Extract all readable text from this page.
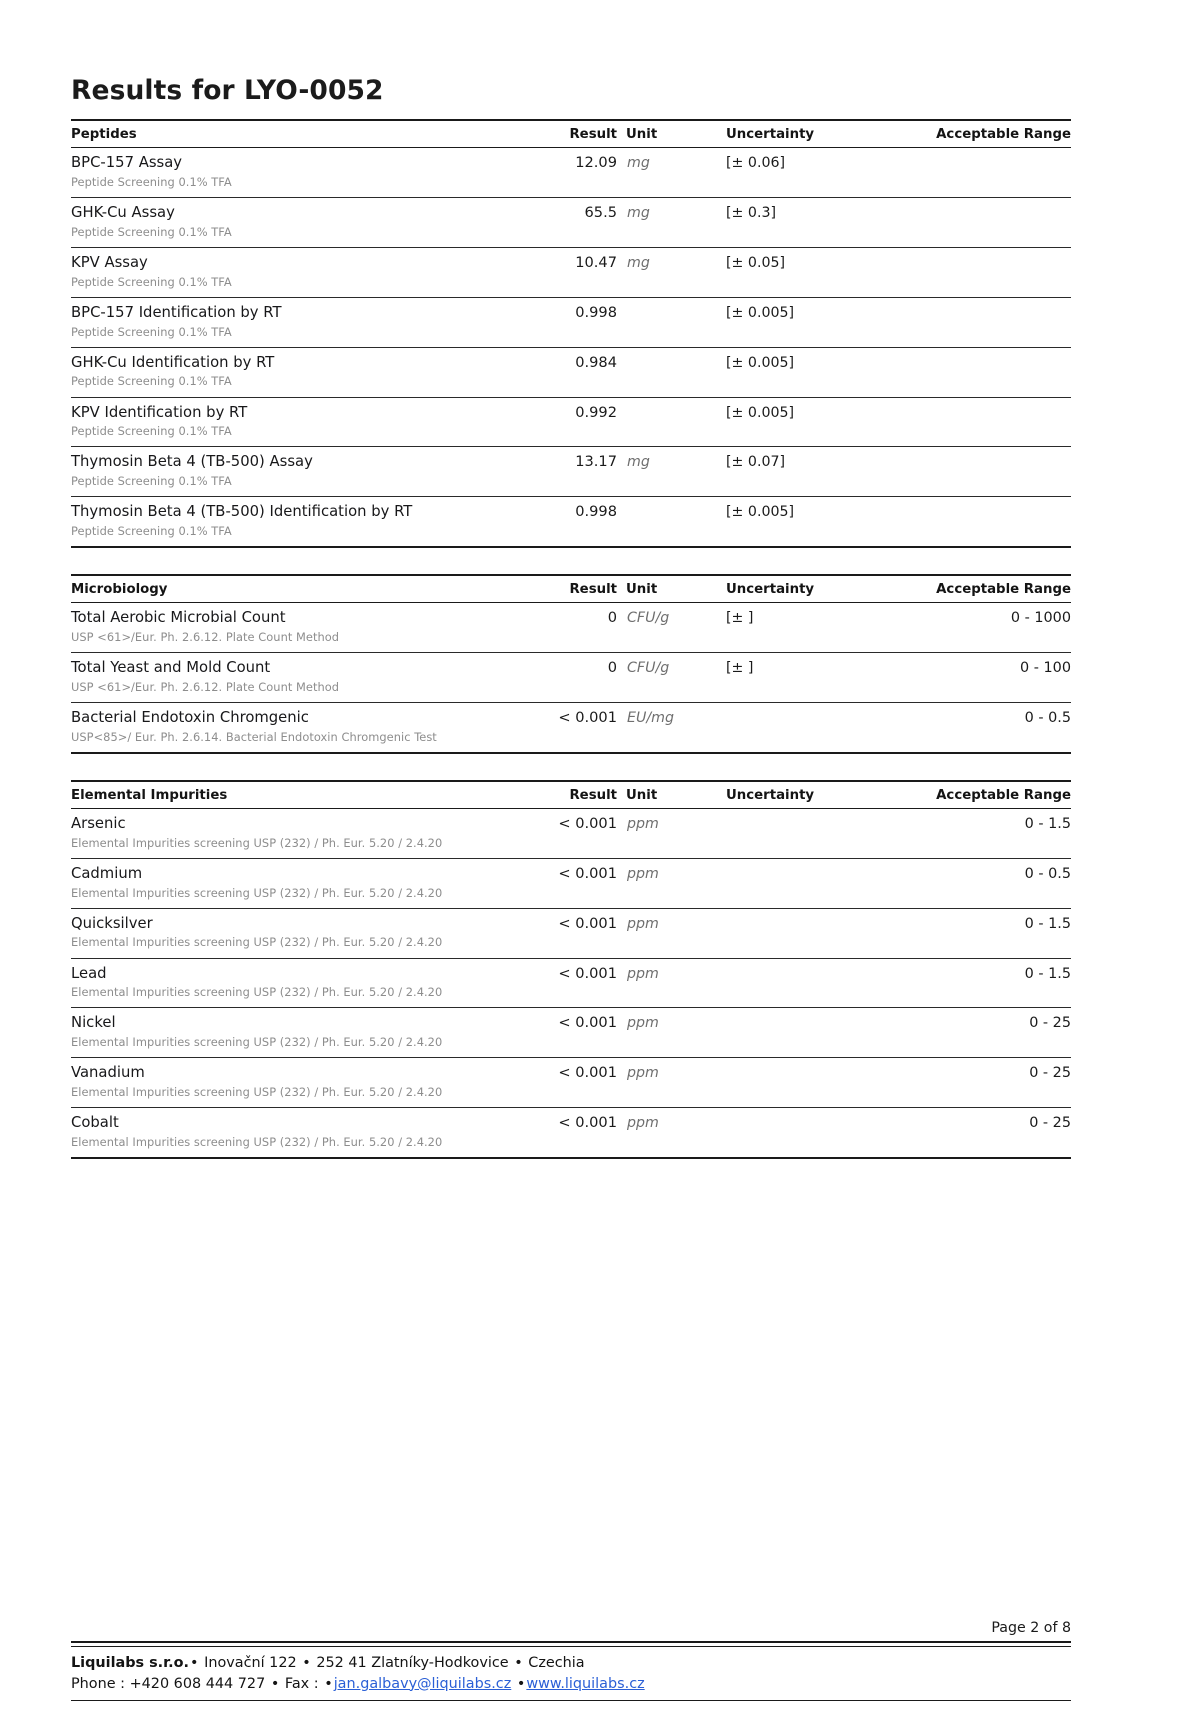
Results for LYO-0052
Peptides	Result	Unit	Uncertainty	Acceptable Range
BPC-157 Assay
Peptide Screening 0.1% TFA	12.09	mg	[± 0.06]	
GHK-Cu Assay
Peptide Screening 0.1% TFA	65.5	mg	[± 0.3]	
KPV Assay
Peptide Screening 0.1% TFA	10.47	mg	[± 0.05]	
BPC-157 Identification by RT
Peptide Screening 0.1% TFA	0.998		[± 0.005]	
GHK-Cu Identification by RT
Peptide Screening 0.1% TFA	0.984		[± 0.005]	
KPV Identification by RT
Peptide Screening 0.1% TFA	0.992		[± 0.005]	
Thymosin Beta 4 (TB-500) Assay
Peptide Screening 0.1% TFA	13.17	mg	[± 0.07]	
Thymosin Beta 4 (TB-500) Identification by RT
Peptide Screening 0.1% TFA	0.998		[± 0.005]	
Microbiology	Result	Unit	Uncertainty	Acceptable Range
Total Aerobic Microbial Count
USP <61>/Eur. Ph. 2.6.12. Plate Count Method	0	CFU/g	[± ]	0 - 1000
Total Yeast and Mold Count
USP <61>/Eur. Ph. 2.6.12. Plate Count Method	0	CFU/g	[± ]	0 - 100
Bacterial Endotoxin Chromgenic
USP<85>/ Eur. Ph. 2.6.14. Bacterial Endotoxin Chromgenic Test	< 0.001	EU/mg		0 - 0.5
Elemental Impurities	Result	Unit	Uncertainty	Acceptable Range
Arsenic
Elemental Impurities screening USP (232) / Ph. Eur. 5.20 / 2.4.20	< 0.001	ppm		0 - 1.5
Cadmium
Elemental Impurities screening USP (232) / Ph. Eur. 5.20 / 2.4.20	< 0.001	ppm		0 - 0.5
Quicksilver
Elemental Impurities screening USP (232) / Ph. Eur. 5.20 / 2.4.20	< 0.001	ppm		0 - 1.5
Lead
Elemental Impurities screening USP (232) / Ph. Eur. 5.20 / 2.4.20	< 0.001	ppm		0 - 1.5
Nickel
Elemental Impurities screening USP (232) / Ph. Eur. 5.20 / 2.4.20	< 0.001	ppm		0 - 25
Vanadium
Elemental Impurities screening USP (232) / Ph. Eur. 5.20 / 2.4.20	< 0.001	ppm		0 - 25
Cobalt
Elemental Impurities screening USP (232) / Ph. Eur. 5.20 / 2.4.20	< 0.001	ppm		0 - 25
Page 2 of 8
Liquilabs s.r.o.• Inovační 122 • 252 41 Zlatníky-Hodkovice • Czechia
Phone : +420 608 444 727 • Fax : •jan.galbavy@liquilabs.cz •www.liquilabs.cz
